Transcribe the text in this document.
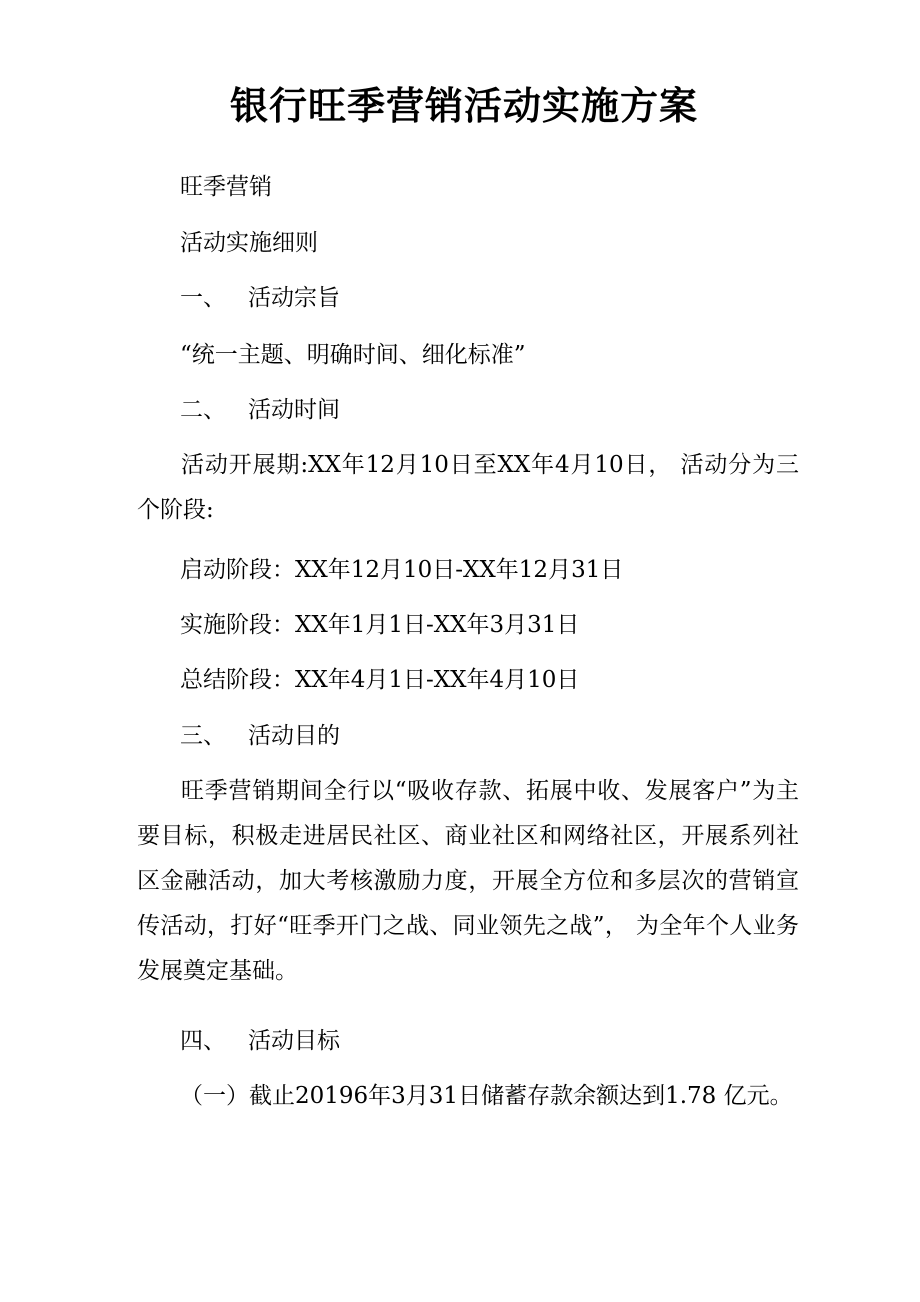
银行旺季营销活动实施方案
旺季营销
活动实施细则
一、 活动宗旨
“统一主题、明确时间、细化标准”
二、 活动时间
活动开展期:XX年12月10日至XX年4月10日， 活动分为三个阶段:
启动阶段：XX年12月10日-XX年12月31日
实施阶段：XX年1月1日-XX年3月31日
总结阶段：XX年4月1日-XX年4月10日
三、 活动目的
旺季营销期间全行以“吸收存款、拓展中收、发展客户”为主要目标，积极走进居民社区、商业社区和网络社区，开展系列社区金融活动，加大考核激励力度，开展全方位和多层次的营销宣传活动，打好“旺季开门之战、同业领先之战”， 为全年个人业务发展奠定基础。
四、 活动目标
（一）截止20196年3月31日储蓄存款余额达到1.78 亿元。
